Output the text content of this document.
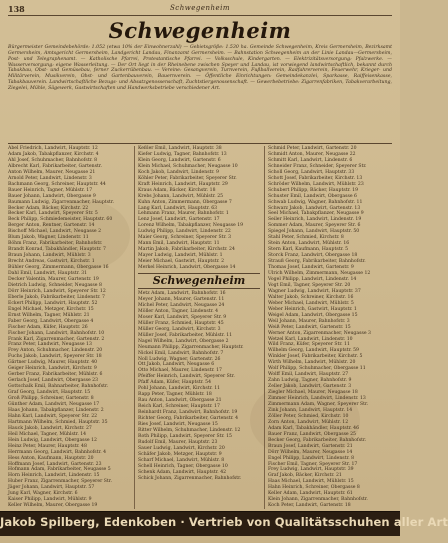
138	Schwegenheim
Schwegenheim
Bürgermeister Gemeindebehörde: 1.052 (etwa 10% der Einwohnerzahl) — Gebietsgröße: 1.530 ha. Gemeinde Schwegenheim, Kreis Germersheim, Bezirksamt Germersheim, Amtsgericht Germersheim, Landgericht Landau, Finanzamt Germersheim. — Bahnstation Schwegenheim an der Linie Landau—Germersheim, Post- und Telegraphenamt. — Katholische Pfarrei, Protestantische Pfarrei. — Volksschule, Kindergarten. — Elektrizitätsversorgung: Pfalzwerke. — Wasserversorgung: eigene Wasserleitung. — Der Ort liegt in der Rheinebene zwischen Speyer und Landau, ist vorwiegend landwirtschaftlich, bekannt durch Tabakbau, Obst- und Gemüsebau, ferner Zuckerrübenbau. — Vereine: Gesangverein, Turnverein, Fußballverein, Radfahrerverein, Feuerwehr, Krieger- und Militärverein, Musikverein, Obst- und Gartenbauverein, Bauernverein. — Öffentliche Einrichtungen: Gemeindekanzlei, Sparkasse, Raiffeisenkasse, Tabakbauverein. Landwirtschaftliche Bezugs- und Absatzgenossenschaft, Zuchtstiergenossenschaft. — Gewerbebetriebe: Zigarrenfabriken, Tabakverarbeitung, Ziegelei, Mühle, Sägewerk, Gastwirtschaften und Handwerksbetriebe verschiedener Art.
Abel Friedrich, Landwirt, Hauptstr. 12
Adam Jakob, Tabakpflanzer, Kirchstr. 4
Ahl Josef, Schuhmacher, Bahnhofstr. 8
Albrecht Karl, Fabrikarbeiter, Gartenstr.
Anton Wilhelm, Maurer, Neugasse 21
Arnold Peter, Landwirt, Lindenstr. 3
Bachmann Georg, Schreiner, Hauptstr. 44
Bauer Heinrich, Tagner, Mühlstr. 17
Bauer Johann, Landwirt, Obergasse 9
Baumann Ludwig, Zigarrenmacher, Hauptstr.
Becker Adam, Bäcker, Kirchstr. 22
Becker Karl, Landwirt, Speyerer Str. 5
Beck Philipp, Schmiedemeister, Hauptstr. 60
Berger Anton, Rentner, Gartenstr. 14
Bischoff Michael, Landwirt, Neugasse 2
Blum Jakob, Wagner, Lindenstr. 11
Böhm Franz, Fabrikarbeiter, Bahnhofstr.
Brandt Konrad, Tabakhändler, Hauptstr. 7
Braun Johann, Landwirt, Mühlstr. 3
Brecht Andreas, Gastwirt, Kirchstr. 1
Bühler Georg, Zimmermann, Obergasse 16
Dahl Emil, Landwirt, Hauptstr. 31
Decker Valentin, Maurer, Gartenstr. 19
Dietrich Ludwig, Schneider, Neugasse 8
Dörr Heinrich, Landwirt, Speyerer Str. 12
Eberle Jakob, Fabrikarbeiter, Lindenstr. 7
Eckert Philipp, Landwirt, Hauptstr. 52
Engel Michael, Metzger, Kirchstr. 15
Ernst Wilhelm, Tagner, Mühlstr. 21
Faber Georg, Landwirt, Obergasse 4
Fischer Adam, Küfer, Hauptstr. 26
Fischer Johann, Landwirt, Bahnhofstr. 10
Frank Karl, Zigarrenmacher, Gartenstr. 2
Franz Peter, Landwirt, Neugasse 13
Frey Anton, Schuhmacher, Lindenstr. 20
Fuchs Jakob, Landwirt, Speyerer Str. 18
Gärtner Ludwig, Maurer, Hauptstr. 40
Geiger Heinrich, Landwirt, Kirchstr. 9
Gerber Franz, Fabrikarbeiter, Mühlstr. 6
Gerlach Josef, Landwirt, Obergasse 23
Gottschalk Emil, Bahnarbeiter, Bahnhofstr.
Graf Georg, Landwirt, Hauptstr. 15
Groß Philipp, Schreiner, Gartenstr. 8
Günther Adam, Landwirt, Neugasse 17
Haas Johann, Tabakpflanzer, Lindenstr. 2
Hahn Karl, Landwirt, Speyerer Str. 22
Hartmann Wilhelm, Schmied, Hauptstr. 35
Hauck Jakob, Landwirt, Kirchstr. 27
Heil Michael, Tagner, Mühlstr. 14
Hein Ludwig, Landwirt, Obergasse 12
Heinz Peter, Maurer, Hauptstr. 48
Herrmann Georg, Landwirt, Bahnhofstr. 4
Hess Anton, Kaufmann, Hauptstr. 20
Hoffmann Josef, Landwirt, Gartenstr. 23
Hofmann Adam, Fabrikarbeiter, Neugasse 5
Horn Heinrich, Landwirt, Lindenstr. 15
Huber Franz, Zigarrenmacher, Speyerer Str.
Jäger Johann, Landwirt, Hauptstr. 57
Jung Karl, Wagner, Kirchstr. 6
Kaiser Philipp, Landwirt, Mühlstr. 9
Keller Wilhelm, Maurer, Obergasse 19
Keßler Emil, Landwirt, Hauptstr. 38
Kiefer Ludwig, Tagner, Bahnhofstr. 13
Klein Georg, Landwirt, Gartenstr. 6
Klein Michael, Schuhmacher, Neugasse 10
Koch Jakob, Landwirt, Lindenstr. 9
Köhler Peter, Fabrikarbeiter, Speyerer Str.
Kraft Heinrich, Landwirt, Hauptstr. 29
Kraus Adam, Bäcker, Kirchstr. 18
Krebs Johann, Landwirt, Mühlstr. 25
Kuhn Anton, Zimmermann, Obergasse 7
Lang Karl, Landwirt, Hauptstr. 63
Lehmann Franz, Maurer, Bahnhofstr. 1
Lenz Josef, Landwirt, Gartenstr. 17
Lorenz Wilhelm, Tabakpflanzer, Neugasse 19
Ludwig Philipp, Landwirt, Lindenstr. 22
Maier Georg, Schreiner, Speyerer Str. 3
Mann Emil, Landwirt, Hauptstr. 11
Martin Jakob, Fabrikarbeiter, Kirchstr. 24
Mayer Ludwig, Landwirt, Mühlstr. 1
Meier Michael, Gastwirt, Hauptstr. 2
Merkel Heinrich, Landwirt, Obergasse 14
Schwegenheim
Metz Adam, Landwirt, Bahnhofstr. 16
Meyer Johann, Maurer, Gartenstr. 11
Michel Peter, Landwirt, Neugasse 24
Möller Anton, Tagner, Lindenstr. 4
Moser Karl, Landwirt, Speyerer Str. 9
Müller Franz, Schmied, Hauptstr. 45
Müller Georg, Landwirt, Kirchstr. 3
Müller Josef, Fabrikarbeiter, Mühlstr. 11
Nagel Wilhelm, Landwirt, Obergasse 2
Neumann Philipp, Zigarrenmacher, Hauptstr.
Nickel Emil, Landwirt, Bahnhofstr. 7
Noll Ludwig, Wagner, Gartenstr. 26
Ott Jakob, Landwirt, Neugasse 6
Otto Michael, Maurer, Lindenstr. 17
Pfeiffer Heinrich, Landwirt, Speyerer Str.
Pfaff Adam, Küfer, Hauptstr. 54
Pohl Johann, Landwirt, Kirchstr. 11
Rapp Peter, Tagner, Mühlstr. 18
Rau Anton, Landwirt, Obergasse 21
Reich Karl, Schreiner, Hauptstr. 17
Reinhardt Franz, Landwirt, Bahnhofstr. 19
Richter Georg, Fabrikarbeiter, Gartenstr. 4
Ries Josef, Landwirt, Neugasse 15
Ritter Wilhelm, Schuhmacher, Lindenstr. 12
Roth Philipp, Landwirt, Speyerer Str. 15
Rudolf Emil, Maurer, Hauptstr. 23
Sauer Ludwig, Landwirt, Kirchstr. 20
Schäfer Jakob, Metzger, Hauptstr. 9
Scharf Michael, Landwirt, Mühlstr. 8
Schell Heinrich, Tagner, Obergasse 10
Schenk Adam, Landwirt, Hauptstr. 42
Schick Johann, Zigarrenmacher, Bahnhofstr.
Schmid Peter, Landwirt, Gartenstr. 20
Schmidt Anton, Maurer, Neugasse 22
Schmitt Karl, Landwirt, Lindenstr. 6
Schneider Franz, Schneider, Speyerer Str.
Scholl Georg, Landwirt, Hauptstr. 33
Schott Josef, Fabrikarbeiter, Kirchstr. 13
Schröder Wilhelm, Landwirt, Mühlstr. 23
Schubert Philipp, Bäcker, Hauptstr. 19
Schuster Emil, Landwirt, Obergasse 6
Schwab Ludwig, Wagner, Bahnhofstr. 11
Schwarz Jakob, Landwirt, Gartenstr. 13
Seel Michael, Tabakpflanzer, Neugasse 9
Seiler Heinrich, Landwirt, Lindenstr. 19
Sommer Adam, Maurer, Speyerer Str. 6
Spiegel Johann, Landwirt, Hauptstr. 50
Stahl Peter, Schmied, Kirchstr. 8
Stein Anton, Landwirt, Mühlstr. 16
Stern Karl, Kaufmann, Hauptstr. 5
Storck Franz, Landwirt, Obergasse 18
Strauß Georg, Fabrikarbeiter, Bahnhofstr.
Thomas Josef, Landwirt, Gartenstr. 9
Ulrich Wilhelm, Zimmermann, Neugasse 12
Vogel Philipp, Landwirt, Lindenstr. 14
Vogt Emil, Tagner, Speyerer Str. 20
Wagner Ludwig, Landwirt, Hauptstr. 37
Walter Jakob, Schreiner, Kirchstr. 16
Weber Michael, Landwirt, Mühlstr. 5
Weber Heinrich, Gastwirt, Hauptstr. 1
Weigel Adam, Landwirt, Obergasse 15
Weil Johann, Maurer, Bahnhofstr. 3
Weiß Peter, Landwirt, Gartenstr. 15
Werner Anton, Zigarrenmacher, Neugasse 3
Wetzel Karl, Landwirt, Lindenstr. 10
Wild Franz, Küfer, Speyerer Str. 11
Wilhelm Georg, Landwirt, Hauptstr. 59
Winkler Josef, Fabrikarbeiter, Kirchstr. 5
Wirth Wilhelm, Landwirt, Mühlstr. 20
Wolf Philipp, Schuhmacher, Obergasse 11
Wolff Emil, Landwirt, Hauptstr. 27
Zahn Ludwig, Tagner, Bahnhofstr. 9
Zeller Jakob, Landwirt, Gartenstr. 3
Ziegler Michael, Maurer, Neugasse 18
Zimmer Heinrich, Landwirt, Lindenstr. 13
Zimmermann Adam, Wagner, Speyerer Str.
Zink Johann, Landwirt, Hauptstr. 14
Zöller Peter, Schmied, Kirchstr. 10
Zorn Anton, Landwirt, Mühlstr. 12
Adam Karl, Tabakhändler, Hauptstr. 46
Bauer Franz, Landwirt, Obergasse 25
Becker Georg, Fabrikarbeiter, Bahnhofstr.
Braun Josef, Landwirt, Gartenstr. 21
Dörr Wilhelm, Maurer, Neugasse 14
Engel Philipp, Landwirt, Lindenstr. 8
Fischer Emil, Tagner, Speyerer Str. 17
Frey Ludwig, Landwirt, Hauptstr. 39
Graf Jakob, Bäcker, Kirchstr. 21
Haas Michael, Landwirt, Mühlstr. 15
Hahn Heinrich, Schreiner, Obergasse 8
Keller Adam, Landwirt, Hauptstr. 61
Klein Johann, Zigarrenmacher, Bahnhofstr.
Koch Peter, Landwirt, Gartenstr. 18
Jakob Spilberg, Edenkoben · Vertrieb von Qualitätsschuhen aller Art
